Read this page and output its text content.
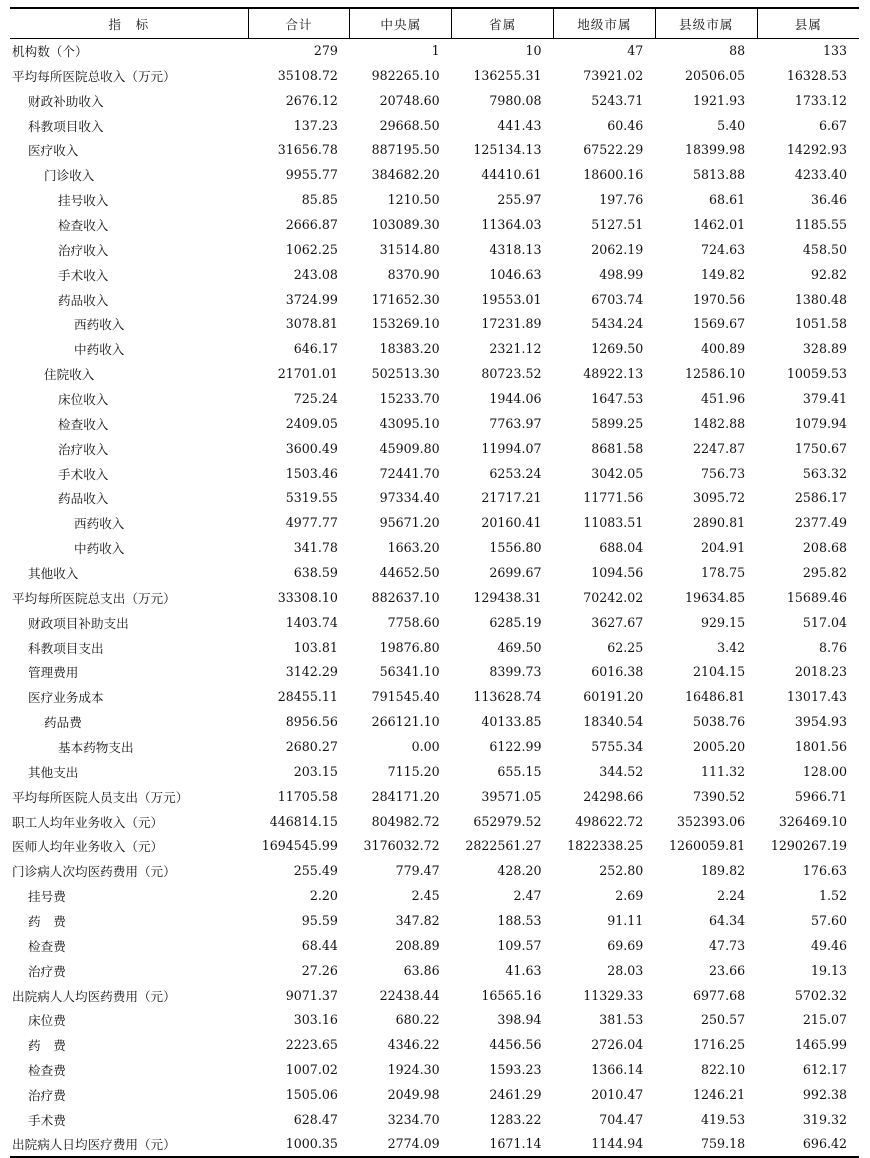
指　标	合计	中央属	省属	地级市属	县级市属	县属
机构数（个）	279	1	10	47	88	133
平均每所医院总收入（万元）	35108.72	982265.10	136255.31	73921.02	20506.05	16328.53
财政补助收入	2676.12	20748.60	7980.08	5243.71	1921.93	1733.12
科教项目收入	137.23	29668.50	441.43	60.46	5.40	6.67
医疗收入	31656.78	887195.50	125134.13	67522.29	18399.98	14292.93
门诊收入	9955.77	384682.20	44410.61	18600.16	5813.88	4233.40
挂号收入	85.85	1210.50	255.97	197.76	68.61	36.46
检查收入	2666.87	103089.30	11364.03	5127.51	1462.01	1185.55
治疗收入	1062.25	31514.80	4318.13	2062.19	724.63	458.50
手术收入	243.08	8370.90	1046.63	498.99	149.82	92.82
药品收入	3724.99	171652.30	19553.01	6703.74	1970.56	1380.48
西药收入	3078.81	153269.10	17231.89	5434.24	1569.67	1051.58
中药收入	646.17	18383.20	2321.12	1269.50	400.89	328.89
住院收入	21701.01	502513.30	80723.52	48922.13	12586.10	10059.53
床位收入	725.24	15233.70	1944.06	1647.53	451.96	379.41
检查收入	2409.05	43095.10	7763.97	5899.25	1482.88	1079.94
治疗收入	3600.49	45909.80	11994.07	8681.58	2247.87	1750.67
手术收入	1503.46	72441.70	6253.24	3042.05	756.73	563.32
药品收入	5319.55	97334.40	21717.21	11771.56	3095.72	2586.17
西药收入	4977.77	95671.20	20160.41	11083.51	2890.81	2377.49
中药收入	341.78	1663.20	1556.80	688.04	204.91	208.68
其他收入	638.59	44652.50	2699.67	1094.56	178.75	295.82
平均每所医院总支出（万元）	33308.10	882637.10	129438.31	70242.02	19634.85	15689.46
财政项目补助支出	1403.74	7758.60	6285.19	3627.67	929.15	517.04
科教项目支出	103.81	19876.80	469.50	62.25	3.42	8.76
管理费用	3142.29	56341.10	8399.73	6016.38	2104.15	2018.23
医疗业务成本	28455.11	791545.40	113628.74	60191.20	16486.81	13017.43
药品费	8956.56	266121.10	40133.85	18340.54	5038.76	3954.93
基本药物支出	2680.27	0.00	6122.99	5755.34	2005.20	1801.56
其他支出	203.15	7115.20	655.15	344.52	111.32	128.00
平均每所医院人员支出（万元）	11705.58	284171.20	39571.05	24298.66	7390.52	5966.71
职工人均年业务收入（元）	446814.15	804982.72	652979.52	498622.72	352393.06	326469.10
医师人均年业务收入（元）	1694545.99	3176032.72	2822561.27	1822338.25	1260059.81	1290267.19
门诊病人次均医药费用（元）	255.49	779.47	428.20	252.80	189.82	176.63
挂号费	2.20	2.45	2.47	2.69	2.24	1.52
药　费	95.59	347.82	188.53	91.11	64.34	57.60
检查费	68.44	208.89	109.57	69.69	47.73	49.46
治疗费	27.26	63.86	41.63	28.03	23.66	19.13
出院病人人均医药费用（元）	9071.37	22438.44	16565.16	11329.33	6977.68	5702.32
床位费	303.16	680.22	398.94	381.53	250.57	215.07
药　费	2223.65	4346.22	4456.56	2726.04	1716.25	1465.99
检查费	1007.02	1924.30	1593.23	1366.14	822.10	612.17
治疗费	1505.06	2049.98	2461.29	2010.47	1246.21	992.38
手术费	628.47	3234.70	1283.22	704.47	419.53	319.32
出院病人日均医疗费用（元）	1000.35	2774.09	1671.14	1144.94	759.18	696.42
